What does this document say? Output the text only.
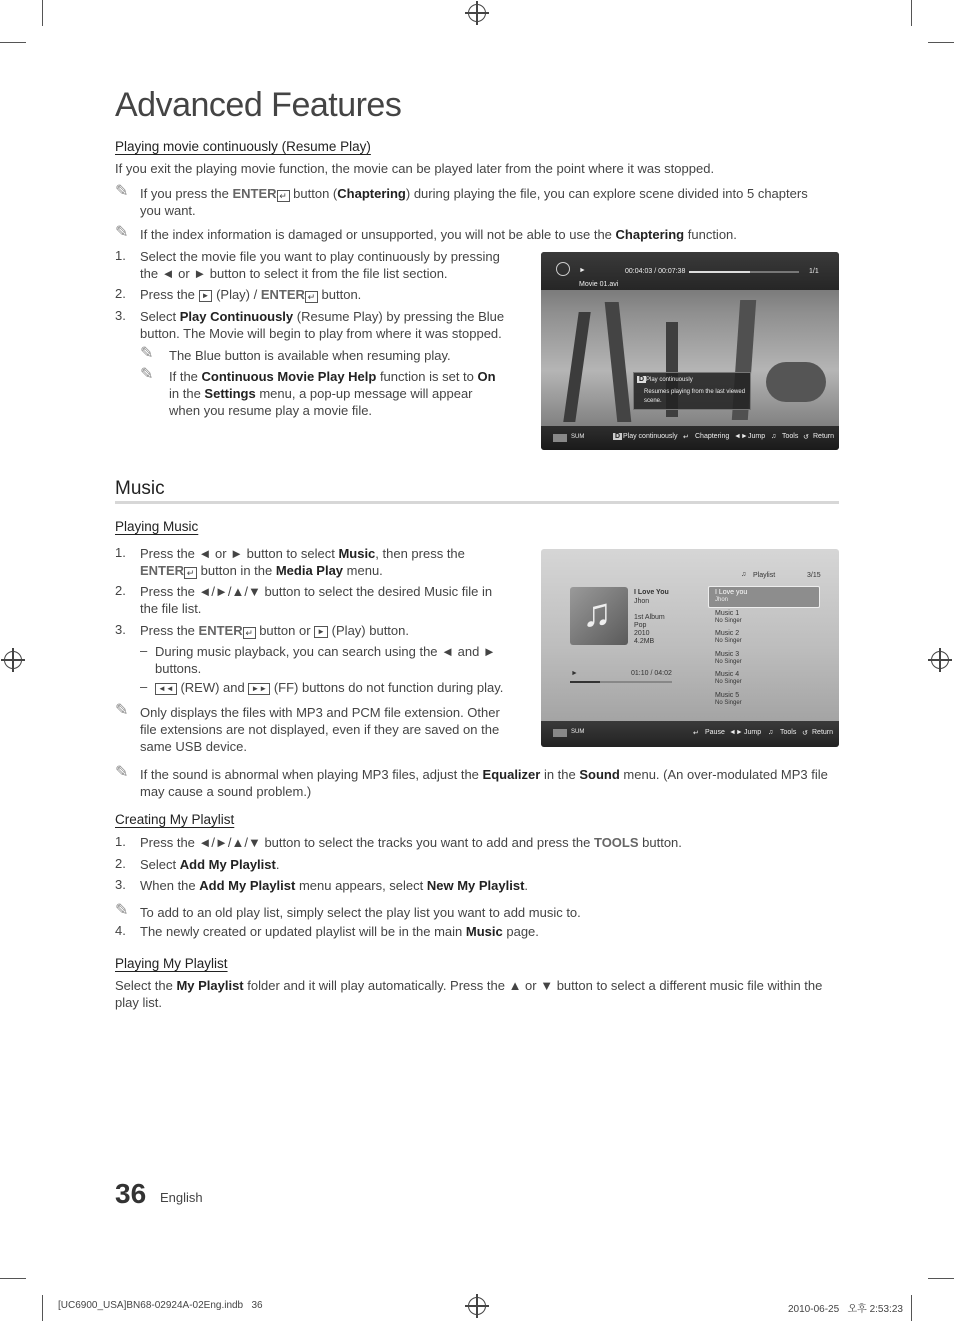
Advanced Features
Playing movie continuously (Resume Play)
If you exit the playing movie function, the movie can be played later from the point where it was stopped.
✎ If you press the ENTER ↵ button (Chaptering) during playing the file, you can explore scene divided into 5 chapters
you want.
✎ If the index information is damaged or unsupported, you will not be able to use the Chaptering function.
1. Select the movie file you want to play continuously by pressing
the ◄ or ► button to select it from the file list section.
2. Press the ► (Play) / ENTER ↵ button.
3. Select Play Continuously (Resume Play) by pressing the Blue
button. The Movie will begin to play from where it was stopped.
✎ The Blue button is available when resuming play.
✎ If the Continuous Movie Play Help function is set to On
in the Settings menu, a pop-up message will appear
when you resume play a movie file.
►	00:04:03 / 00:07:38	1/1
Movie 01.avi
D Play continuously
Resumes playing from the last viewed
scene.
SUM	D Play continuously ↵ Chaptering ◄► Jump ♫ Tools ↺ Return
Music
Playing Music
1. Press the ◄ or ► button to select Music, then press the
ENTER ↵ button in the Media Play menu.
2. Press the ◄/►/▲/▼ button to select the desired Music file in
the file list.
3. Press the ENTER ↵ button or ► (Play) button.
– During music playback, you can search using the ◄ and ►
buttons.
–	◄◄ (REW) and ►► (FF) buttons do not function during play.
✎ Only displays the files with MP3 and PCM file extension. Other
file extensions are not displayed, even if they are saved on the
same USB device.
♫	I Love You
Jhon
1st Album
Pop
2010
4.2MB
►	01:10 / 04:02
♫ Playlist	3/15
I Love you
Jhon
Music 1
No Singer
Music 2
No Singer
Music 3
No Singer
Music 4
No Singer
Music 5
No Singer
SUM	↵ Pause ◄► Jump ♫ Tools ↺ Return
✎ If the sound is abnormal when playing MP3 files, adjust the Equalizer in the Sound menu. (An over-modulated MP3 file
may cause a sound problem.)
Creating My Playlist
1. Press the ◄/►/▲/▼ button to select the tracks you want to add and press the TOOLS button.
2. Select Add My Playlist.
3. When the Add My Playlist menu appears, select New My Playlist.
✎ To add to an old play list, simply select the play list you want to add music to.
4. The newly created or updated playlist will be in the main Music page.
Playing My Playlist
Select the My Playlist folder and it will play automatically. Press the ▲ or ▼ button to select a different music file within the
play list.
36 English
[UC6900_USA]BN68-02924A-02Eng.indb   36	2010-06-25   오후 2:53:23
